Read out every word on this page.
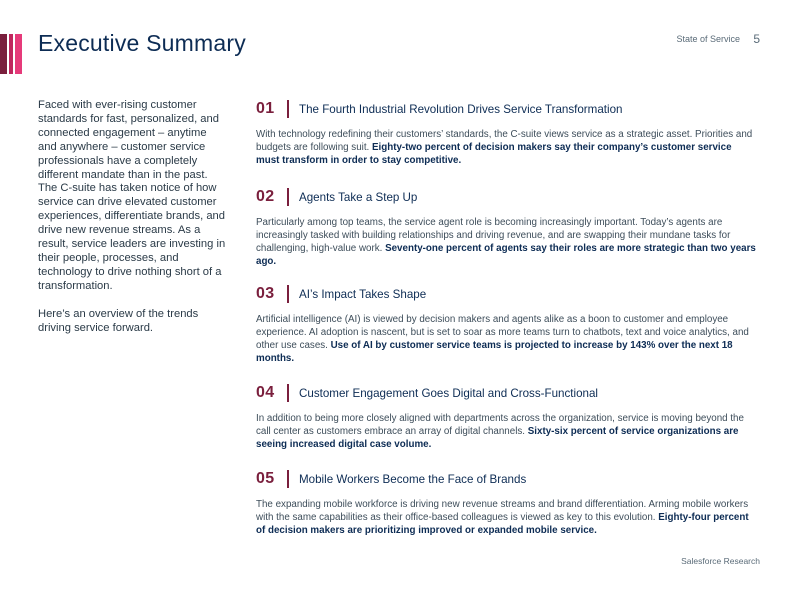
Executive Summary	State of Service 5

Faced with ever-rising customer standards for fast, personalized, and connected engagement – anytime and anywhere – customer service professionals have a completely different mandate than in the past. The C-suite has taken notice of how service can drive elevated customer experiences, differentiate brands, and drive new revenue streams. As a result, service leaders are investing in their people, processes, and technology to drive nothing short of a transformation.

Here’s an overview of the trends driving service forward.

01	The Fourth Industrial Revolution Drives Service Transformation
With technology redefining their customers’ standards, the C-suite views service as a strategic asset. Priorities and budgets are following suit. Eighty-two percent of decision makers say their company’s customer service must transform in order to stay competitive.
02	Agents Take a Step Up
Particularly among top teams, the service agent role is becoming increasingly important. Today’s agents are increasingly tasked with building relationships and driving revenue, and are swapping their mundane tasks for challenging, high-value work. Seventy-one percent of agents say their roles are more strategic than two years ago.
03	AI’s Impact Takes Shape
Artificial intelligence (AI) is viewed by decision makers and agents alike as a boon to customer and employee experience. AI adoption is nascent, but is set to soar as more teams turn to chatbots, text and voice analytics, and other use cases. Use of AI by customer service teams is projected to increase by 143% over the next 18 months.
04	Customer Engagement Goes Digital and Cross-Functional
In addition to being more closely aligned with departments across the organization, service is moving beyond the call center as customers embrace an array of digital channels. Sixty-six percent of service organizations are seeing increased digital case volume.
05	Mobile Workers Become the Face of Brands
The expanding mobile workforce is driving new revenue streams and brand differentiation. Arming mobile workers with the same capabilities as their office-based colleagues is viewed as key to this evolution. Eighty-four percent of decision makers are prioritizing improved or expanded mobile service.
Salesforce Research
